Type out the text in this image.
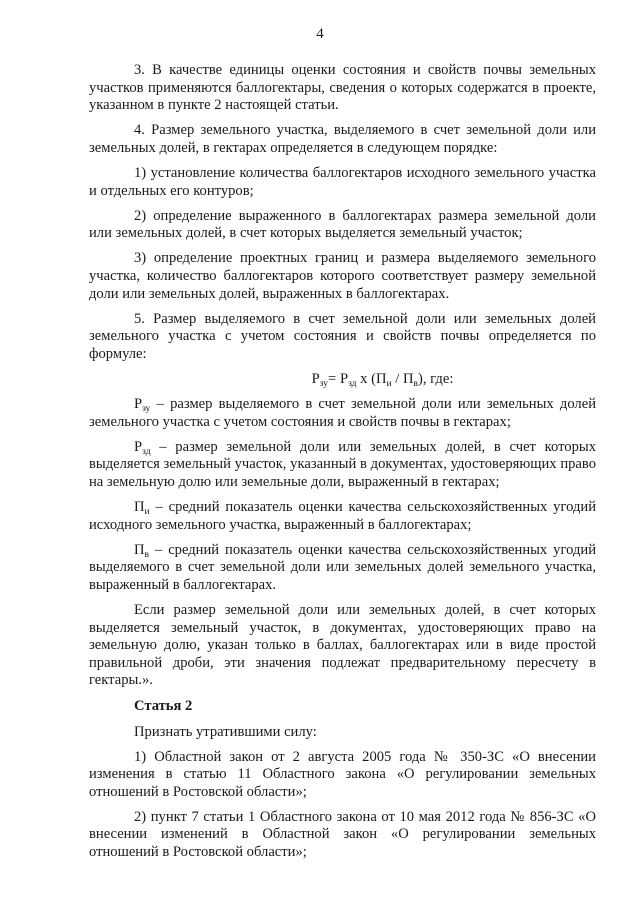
4

3. В качестве единицы оценки состояния и свойств почвы земельных участков применяются баллогектары, сведения о которых содержатся в проекте, указанном в пункте 2 настоящей статьи.

4. Размер земельного участка, выделяемого в счет земельной доли или земельных долей, в гектарах определяется в следующем порядке:

1) установление количества баллогектаров исходного земельного участка и отдельных его контуров;

2) определение выраженного в баллогектарах размера земельной доли или земельных долей, в счет которых выделяется земельный участок;

3) определение проектных границ и размера выделяемого земельного участка, количество баллогектаров которого соответствует размеру земельной доли или земельных долей, выраженных в баллогектарах.

5. Размер выделяемого в счет земельной доли или земельных долей земельного участка с учетом состояния и свойств почвы определяется по формуле:

$Р_{зу}= Р_{зд}$ х $(П_и / П_в)$, где:

$Р_{зу}$ – размер выделяемого в счет земельной доли или земельных долей земельного участка с учетом состояния и свойств почвы в гектарах;

$Р_{зд}$ – размер земельной доли или земельных долей, в счет которых выделяется земельный участок, указанный в документах, удостоверяющих право на земельную долю или земельные доли, выраженный в гектарах;

$П_и$ – средний показатель оценки качества сельскохозяйственных угодий исходного земельного участка, выраженный в баллогектарах;

$П_в$ – средний показатель оценки качества сельскохозяйственных угодий выделяемого в счет земельной доли или земельных долей земельного участка, выраженный в баллогектарах.

Если размер земельной доли или земельных долей, в счет которых выделяется земельный участок, в документах, удостоверяющих право на земельную долю, указан только в баллах, баллогектарах или в виде простой правильной дроби, эти значения подлежат предварительному пересчету в гектары.».

Статья 2

Признать утратившими силу:

1) Областной закон от 2 августа 2005 года № 350-ЗС «О внесении изменения в статью 11 Областного закона «О регулировании земельных отношений в Ростовской области»;

2) пункт 7 статьи 1 Областного закона от 10 мая 2012 года № 856-ЗС «О внесении изменений в Областной закон «О регулировании земельных отношений в Ростовской области»;
